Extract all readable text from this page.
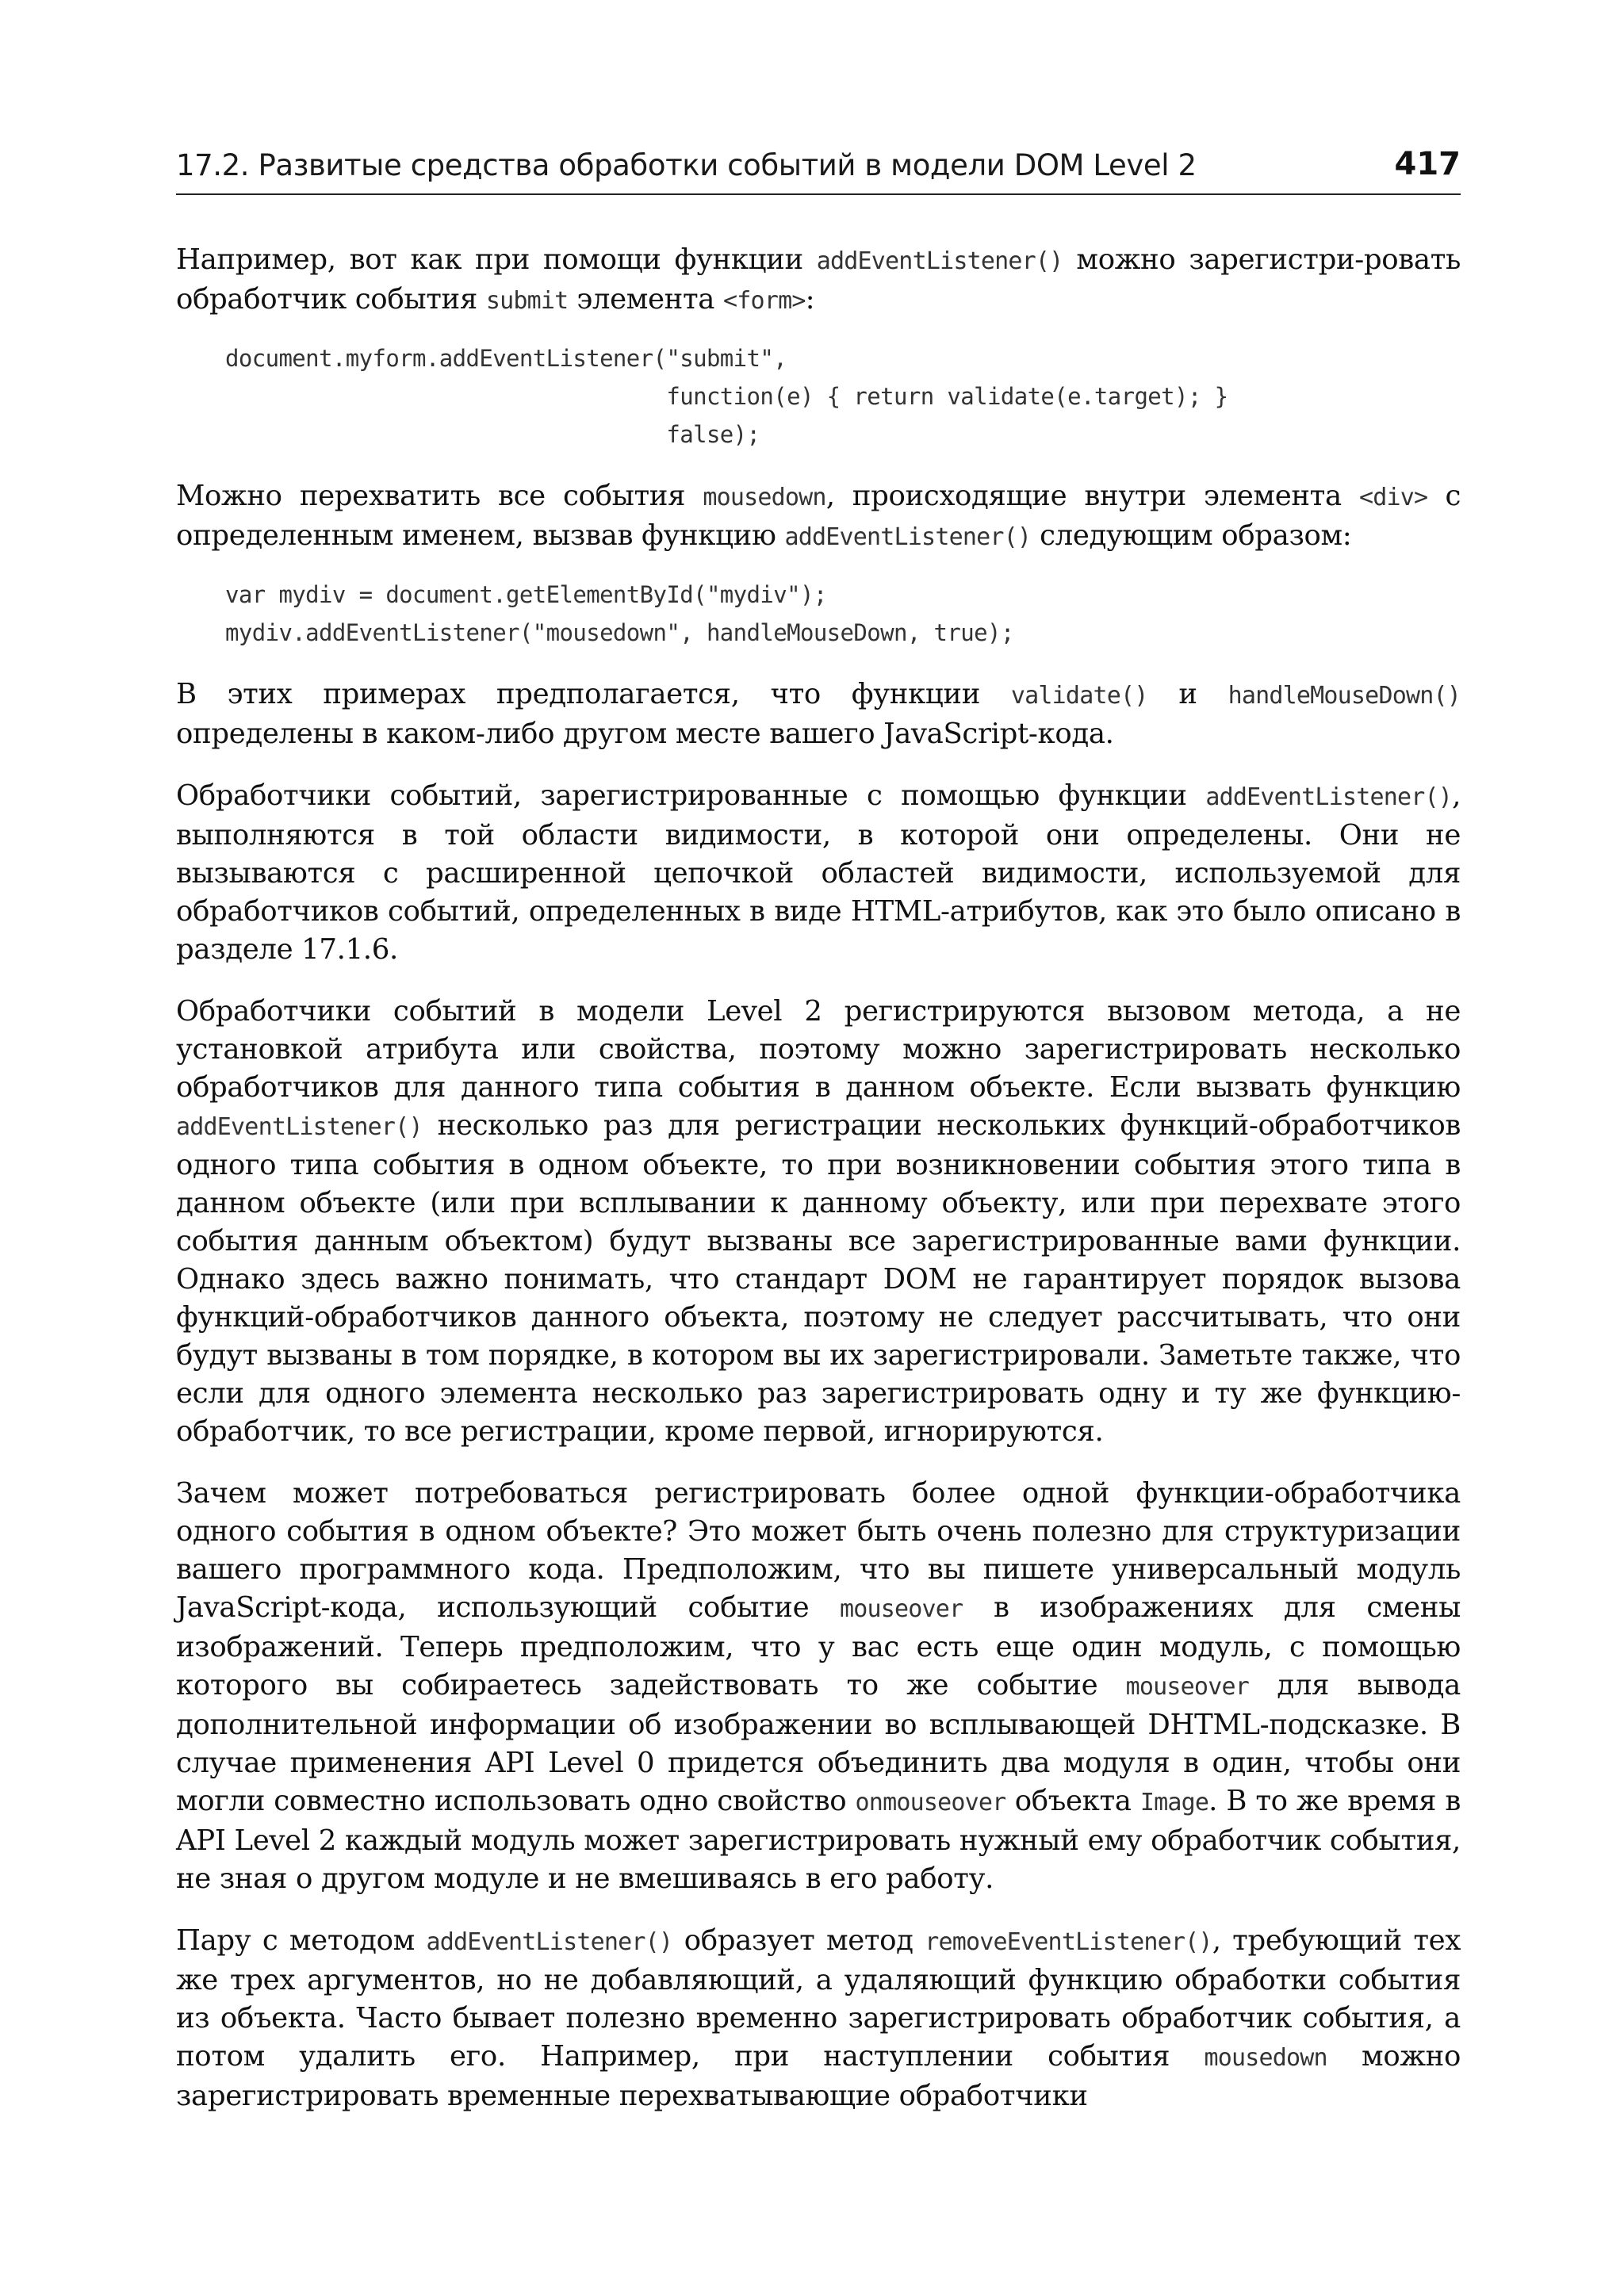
17.2. Развитые средства обработки событий в модели DOM Level 2	417

Например, вот как при помощи функции addEventListener() можно зарегистри-ровать обработчик события submit элемента <form>:

document.myform.addEventListener("submit",
function(e) { return validate(e.target); }
false);

Можно перехватить все события mousedown, происходящие внутри элемента <div> с определенным именем, вызвав функцию addEventListener() следующим образом:

var mydiv = document.getElementById("mydiv");
mydiv.addEventListener("mousedown", handleMouseDown, true);

В этих примерах предполагается, что функции validate() и handleMouseDown() определены в каком-либо другом месте вашего JavaScript-кода.

Обработчики событий, зарегистрированные с помощью функции addEventListener(), выполняются в той области видимости, в которой они определены. Они не вызываются с расширенной цепочкой областей видимости, используемой для обработчиков событий, определенных в виде HTML-атрибутов, как это было описано в разделе 17.1.6.

Обработчики событий в модели Level 2 регистрируются вызовом метода, а не установкой атрибута или свойства, поэтому можно зарегистрировать несколько обработчиков для данного типа события в данном объекте. Если вызвать функцию addEventListener() несколько раз для регистрации нескольких функций-обработчиков одного типа события в одном объекте, то при возникновении события этого типа в данном объекте (или при всплывании к данному объекту, или при перехвате этого события данным объектом) будут вызваны все зарегистрированные вами функции. Однако здесь важно понимать, что стандарт DOM не гарантирует порядок вызова функций-обработчиков данного объекта, поэтому не следует рассчитывать, что они будут вызваны в том порядке, в котором вы их зарегистрировали. Заметьте также, что если для одного элемента несколько раз зарегистрировать одну и ту же функцию-обработчик, то все регистрации, кроме первой, игнорируются.

Зачем может потребоваться регистрировать более одной функции-обработчика одного события в одном объекте? Это может быть очень полезно для структуризации вашего программного кода. Предположим, что вы пишете универсальный модуль JavaScript-кода, использующий событие mouseover в изображениях для смены изображений. Теперь предположим, что у вас есть еще один модуль, с помощью которого вы собираетесь задействовать то же событие mouseover для вывода дополнительной информации об изображении во всплывающей DHTML-подсказке. В случае применения API Level 0 придется объединить два модуля в один, чтобы они могли совместно использовать одно свойство onmouseover объекта Image. В то же время в API Level 2 каждый модуль может зарегистрировать нужный ему обработчик события, не зная о другом модуле и не вмешиваясь в его работу.

Пару с методом addEventListener() образует метод removeEventListener(), требующий тех же трех аргументов, но не добавляющий, а удаляющий функцию обработки события из объекта. Часто бывает полезно временно зарегистрировать обработчик события, а потом удалить его. Например, при наступлении события mousedown можно зарегистрировать временные перехватывающие обработчики
